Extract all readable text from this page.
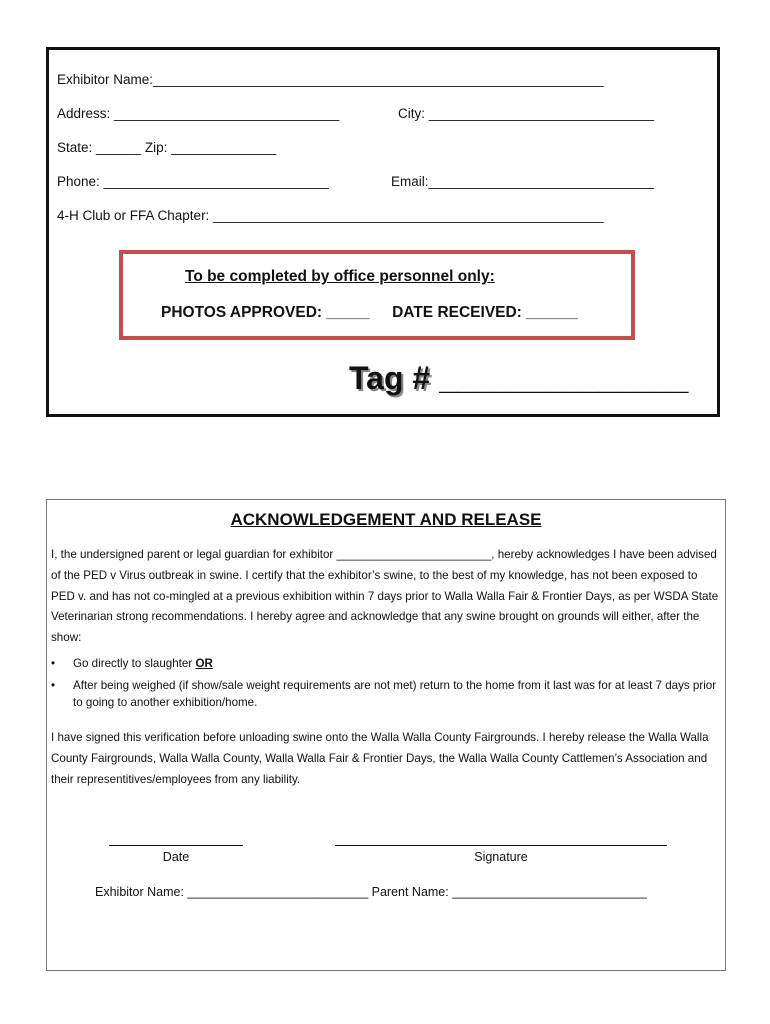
Exhibitor Name:____________________________________________________________
Address: ______________________________	City: ______________________________
State: ______ Zip: ______________
Phone: ______________________________	Email:______________________________
4-H Club or FFA Chapter: ____________________________________________________
To be completed by office personnel only:
PHOTOS APPROVED: _____ DATE RECEIVED: ______
Tag # ______________
ACKNOWLEDGEMENT AND RELEASE

I, the undersigned parent or legal guardian for exhibitor ________________________, hereby acknowledges I have been advised of the PED v Virus outbreak in swine. I certify that the exhibitor’s swine, to the best of my knowledge, has not been exposed to PED v. and has not co-mingled at a previous exhibition within 7 days prior to Walla Walla Fair & Frontier Days, as per WSDA State Veterinarian strong recommendations. I hereby agree and acknowledge that any swine brought on grounds will either, after the show:

• Go directly to slaughter OR
• After being weighed (if show/sale weight requirements are not met) return to the home from it last was for at least 7 days prior to going to another exhibition/home.

I have signed this verification before unloading swine onto the Walla Walla County Fairgrounds. I hereby release the Walla Walla County Fairgrounds, Walla Walla County, Walla Walla Fair & Frontier Days, the Walla Walla County Cattlemen’s Association and their representitives/employees from any liability.

Date	Signature
Exhibitor Name: __________________________ Parent Name: ____________________________
